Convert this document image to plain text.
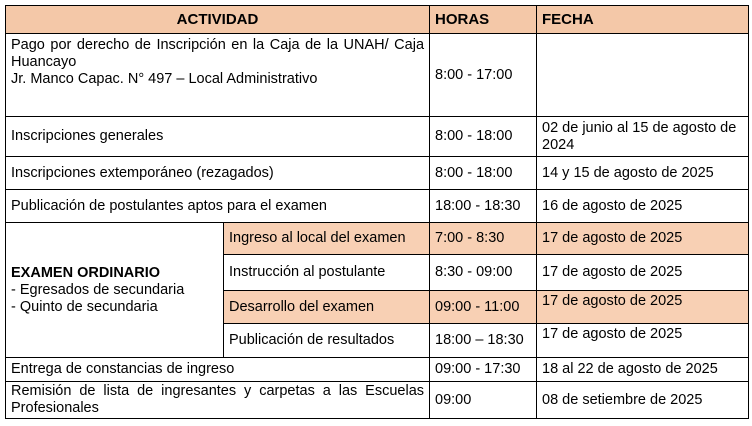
ACTIVIDAD		HORAS	FECHA

Pago por derecho de Inscripción en la Caja de la UNAH/ Caja Huancayo
Jr. Manco Capac. N° 497 – Local Administrativo		8:00 - 17:00	
Inscripciones generales		8:00 - 18:00	02 de junio al 15 de agosto de 2024
Inscripciones extemporáneo (rezagados)		8:00 - 18:00	14 y 15 de agosto de 2025
Publicación de postulantes aptos para el examen		18:00 - 18:30	16 de agosto de 2025

EXAMEN ORDINARIO
- Egresados de secundaria
- Quinto de secundaria	Ingreso al local del examen	7:00 - 8:30	17 de agosto de 2025
	Instrucción al postulante	8:30 - 09:00	17 de agosto de 2025
	Desarrollo del examen	09:00 - 11:00	17 de agosto de 2025
	Publicación de resultados	18:00 – 18:30	17 de agosto de 2025
Entrega de constancias de ingreso		09:00 - 17:30	18 al 22 de agosto de 2025
Remisión de lista de ingresantes y carpetas a las Escuelas Profesionales		09:00	08 de setiembre de 2025
